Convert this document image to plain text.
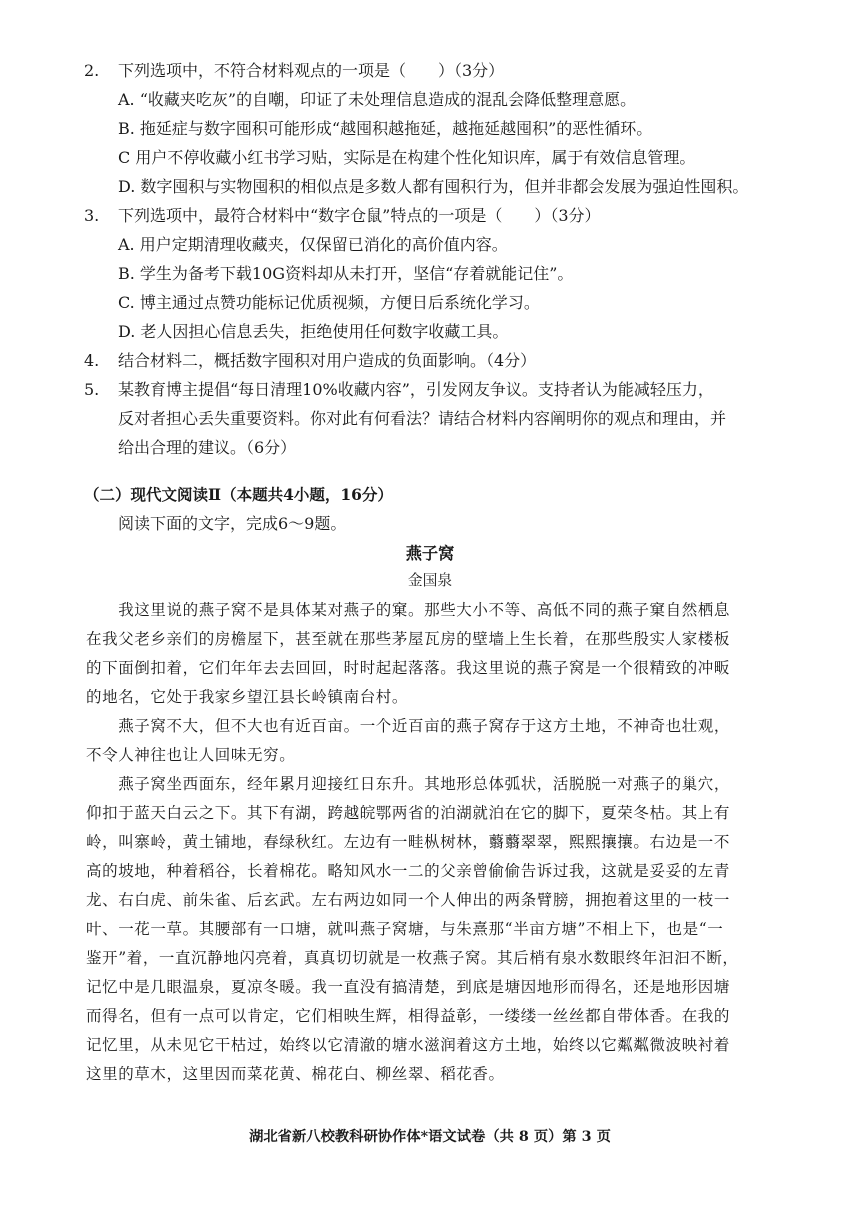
2. 下列选项中，不符合材料观点的一项是（　　）（3分）
A. “收藏夹吃灰”的自嘲，印证了未处理信息造成的混乱会降低整理意愿。
B. 拖延症与数字囤积可能形成“越囤积越拖延，越拖延越囤积”的恶性循环。
C 用户不停收藏小红书学习贴，实际是在构建个性化知识库，属于有效信息管理。
D. 数字囤积与实物囤积的相似点是多数人都有囤积行为，但并非都会发展为强迫性囤积。
3. 下列选项中，最符合材料中“数字仓鼠”特点的一项是（　　）（3分）
A. 用户定期清理收藏夹，仅保留已消化的高价值内容。
B. 学生为备考下载10G资料却从未打开，坚信“存着就能记住”。
C. 博主通过点赞功能标记优质视频，方便日后系统化学习。
D. 老人因担心信息丢失，拒绝使用任何数字收藏工具。
4. 结合材料二，概括数字囤积对用户造成的负面影响。（4分）
5. 某教育博主提倡“每日清理10%收藏内容”，引发网友争议。支持者认为能减轻压力，
反对者担心丢失重要资料。你对此有何看法？请结合材料内容阐明你的观点和理由，并
给出合理的建议。（6分）
（二）现代文阅读Ⅱ（本题共4小题，16分）
阅读下面的文字，完成6～9题。
燕子窝
金国泉
　　我这里说的燕子窝不是具体某对燕子的窠。那些大小不等、高低不同的燕子窠自然栖息
在我父老乡亲们的房檐屋下，甚至就在那些茅屋瓦房的壁墙上生长着，在那些殷实人家楼板
的下面倒扣着，它们年年去去回回，时时起起落落。我这里说的燕子窝是一个很精致的冲畈
的地名，它处于我家乡望江县长岭镇南台村。
　　燕子窝不大，但不大也有近百亩。一个近百亩的燕子窝存于这方土地，不神奇也壮观，
不令人神往也让人回味无穷。
　　燕子窝坐西面东，经年累月迎接红日东升。其地形总体弧状，活脱脱一对燕子的巢穴，
仰扣于蓝天白云之下。其下有湖，跨越皖鄂两省的泊湖就泊在它的脚下，夏荣冬枯。其上有
岭，叫寨岭，黄土铺地，春绿秋红。左边有一畦枞树林，蘙蘙翠翠，熙熙攘攘。右边是一不
高的坡地，种着稻谷，长着棉花。略知风水一二的父亲曾偷偷告诉过我，这就是妥妥的左青
龙、右白虎、前朱雀、后玄武。左右两边如同一个人伸出的两条臂膀，拥抱着这里的一枝一
叶、一花一草。其腰部有一口塘，就叫燕子窝塘，与朱熹那“半亩方塘”不相上下，也是“一
鉴开”着，一直沉静地闪亮着，真真切切就是一枚燕子窝。其后梢有泉水数眼终年汩汩不断，
记忆中是几眼温泉，夏凉冬暖。我一直没有搞清楚，到底是塘因地形而得名，还是地形因塘
而得名，但有一点可以肯定，它们相映生辉，相得益彰，一缕缕一丝丝都自带体香。在我的
记忆里，从未见它干枯过，始终以它清澈的塘水滋润着这方土地，始终以它粼粼微波映衬着
这里的草木，这里因而菜花黄、棉花白、柳丝翠、稻花香。
湖北省新八校教科研协作体*语文试卷（共 8 页）第 3 页
